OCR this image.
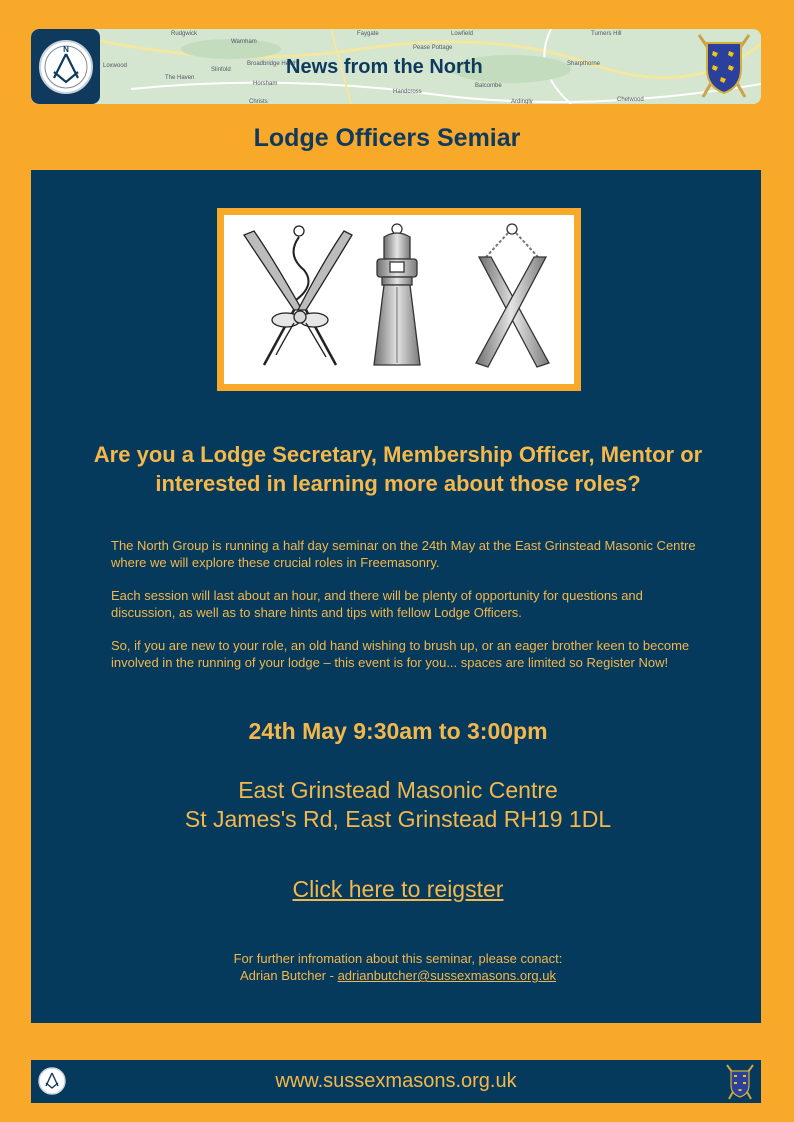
Rudgwick
Warnham
Faygate	Lowfield
Pease Pottage
Turners Hill
Loxwood
Slinfold
Broadbridge Heath
Horsham
Handcross
Sharpthorne
The Haven
Christs
Balcombe
Ardingly	Chelwood
N
News from the North
Lodge Officers Semiar
Are you a Lodge Secretary, Membership Officer, Mentor or interested in learning more about those roles?

The North Group is running a half day seminar on the 24th May at the East Grinstead Masonic Centre where we will explore these crucial roles in Freemasonry.

Each session will last about an hour, and there will be plenty of opportunity for questions and discussion, as well as to share hints and tips with fellow Lodge Officers.

So, if you are new to your role, an old hand wishing to brush up, or an eager brother keen to become involved in the running of your lodge – this event is for you... spaces are limited so Register Now!

24th May 9:30am to 3:00pm
East Grinstead Masonic Centre
St James's Rd, East Grinstead RH19 1DL
Click here to reigster
For further infromation about this seminar, please conact:
Adrian Butcher - adrianbutcher@sussexmasons.org.uk
www.sussexmasons.org.uk
